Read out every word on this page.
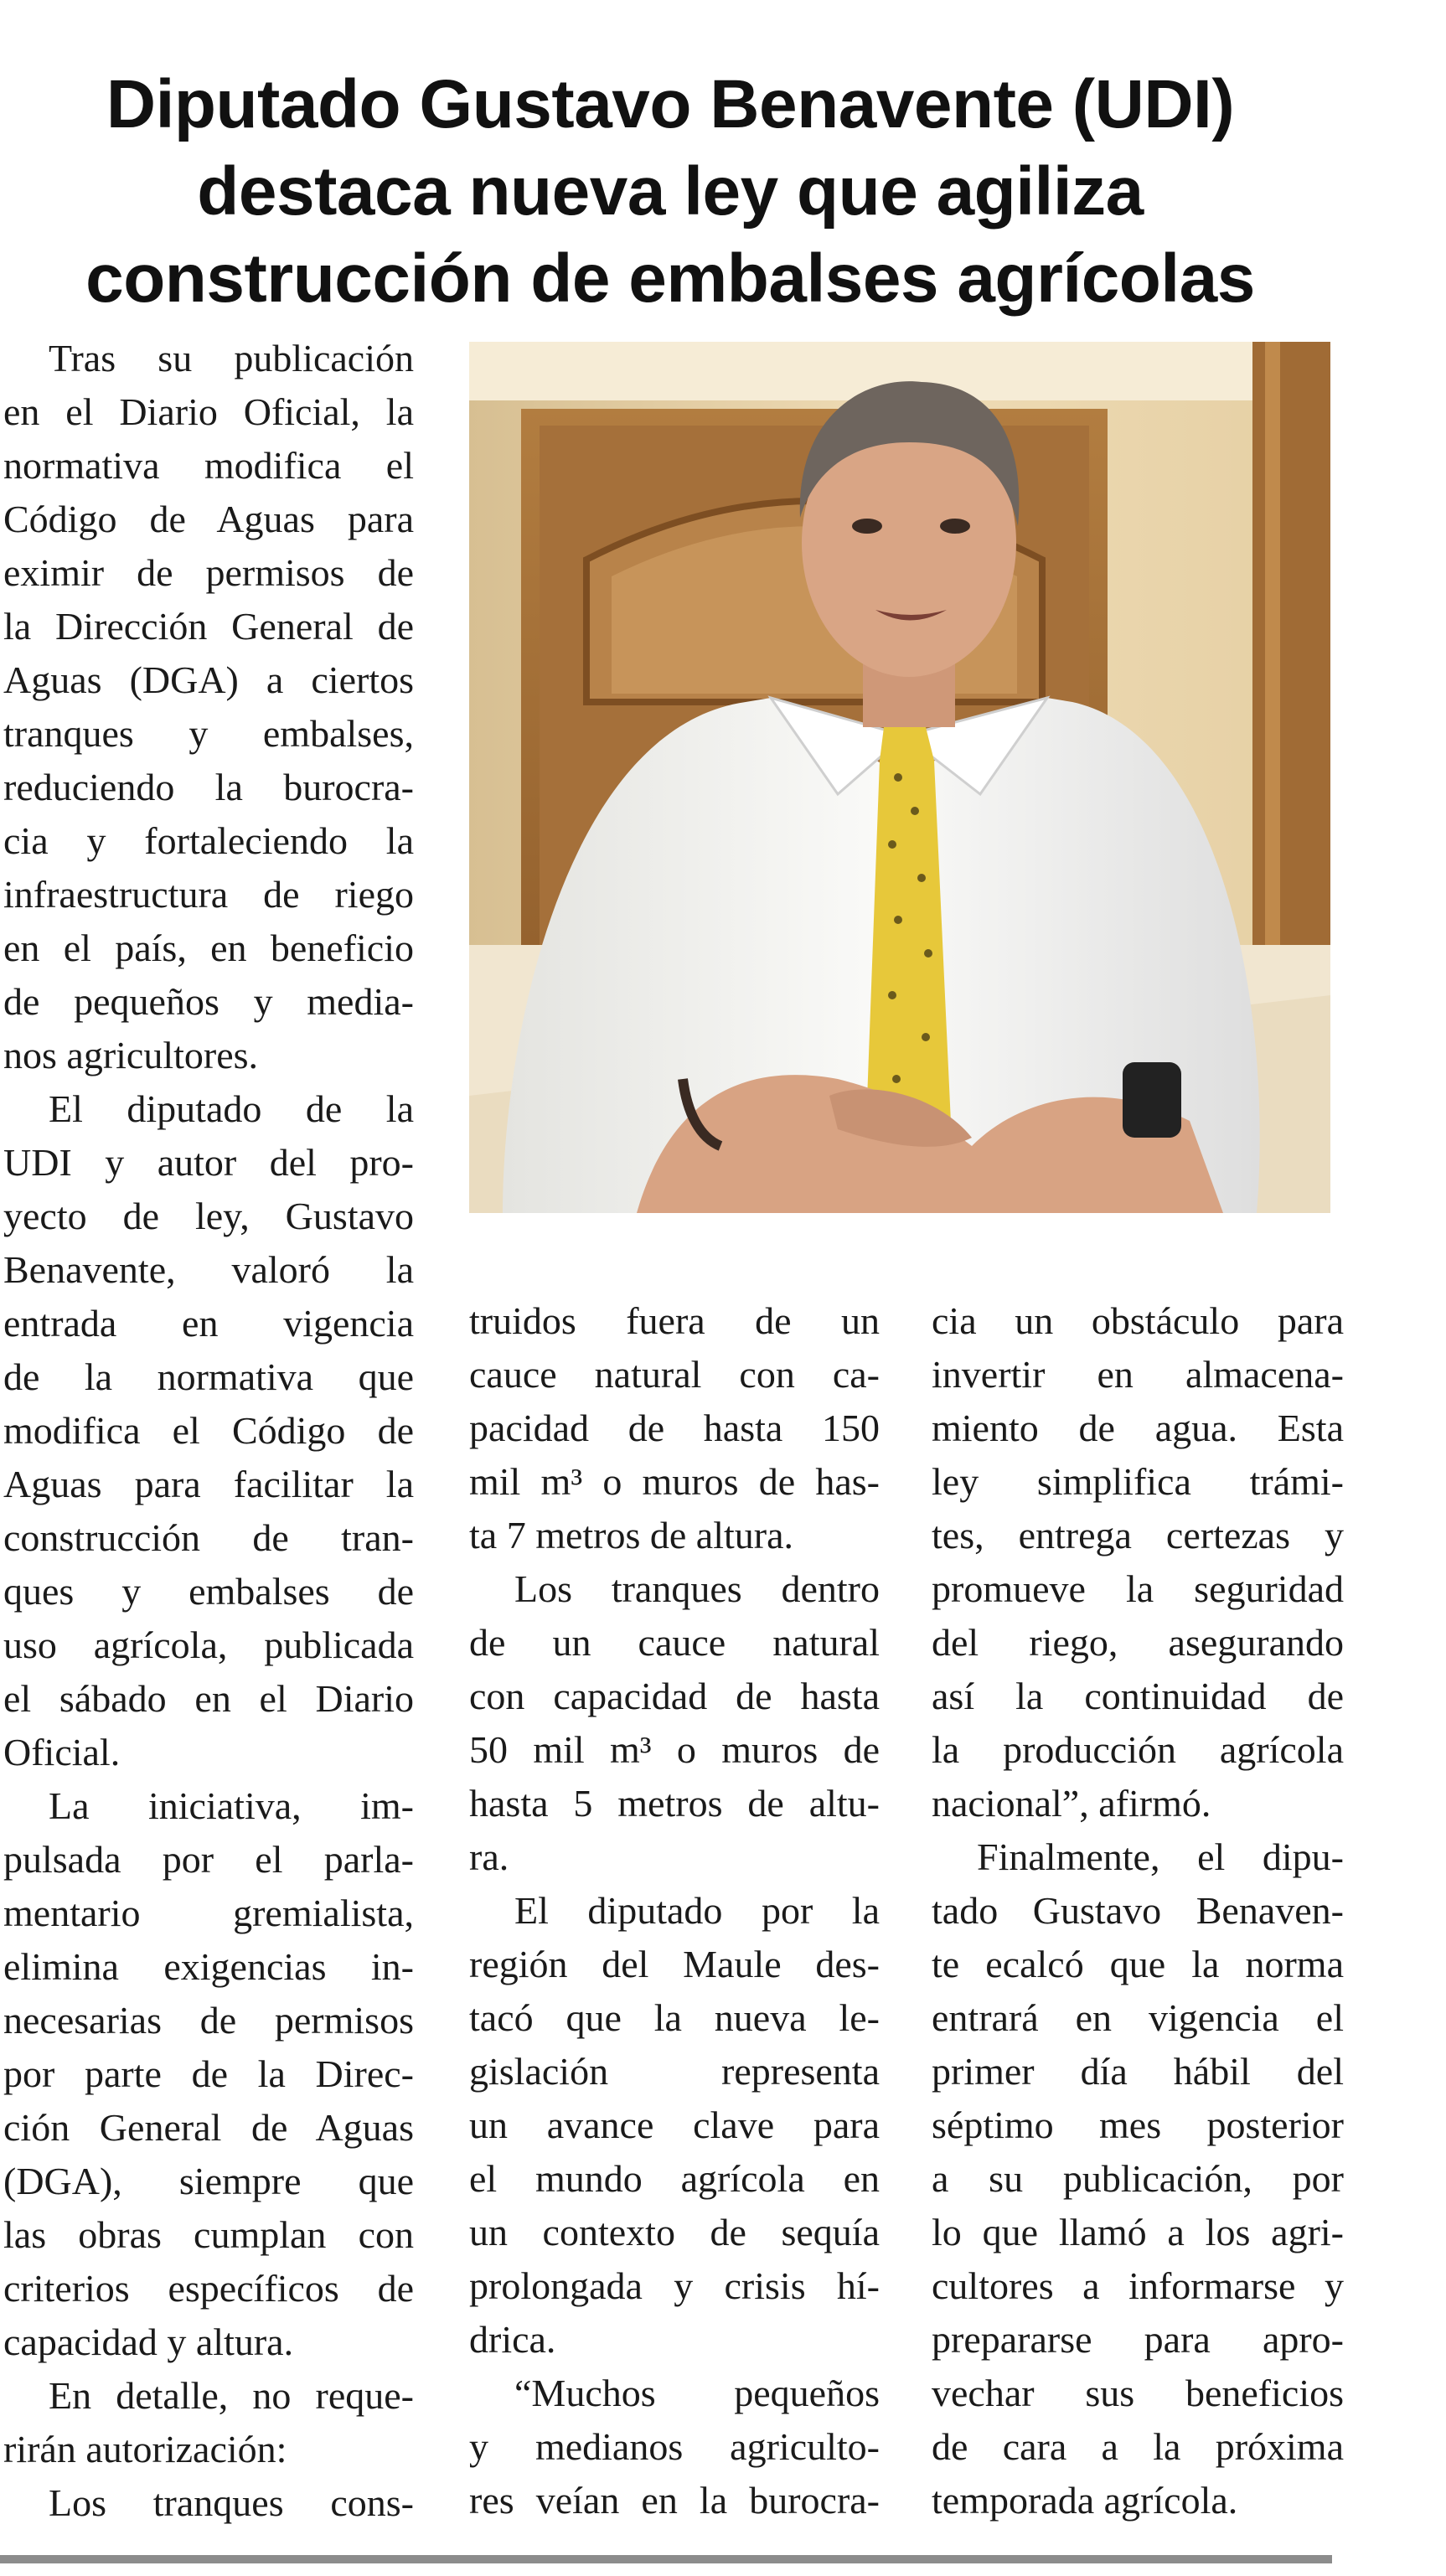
Diputado Gustavo Benavente (UDI)
destaca nueva ley que agiliza
construcción de embalses agrícolas
Tras su publicación
en el Diario Oficial, la
normativa modifica el
Código de Aguas para
eximir de permisos de
la Dirección General de
Aguas (DGA) a ciertos
tranques y embalses,
reduciendo la burocra-
cia y fortaleciendo la
infraestructura de riego
en el país, en beneficio
de pequeños y media-
nos agricultores.
El diputado de la
UDI y autor del pro-
yecto de ley, Gustavo
Benavente, valoró la
entrada en vigencia
de la normativa que
modifica el Código de
Aguas para facilitar la
construcción de tran-
ques y embalses de
uso agrícola, publicada
el sábado en el Diario
Oficial.
La iniciativa, im-
pulsada por el parla-
mentario gremialista,
elimina exigencias in-
necesarias de permisos
por parte de la Direc-
ción General de Aguas
(DGA), siempre que
las obras cumplan con
criterios específicos de
capacidad y altura.
En detalle, no reque-
rirán autorización:
Los tranques cons-
truidos fuera de un
cauce natural con ca-
pacidad de hasta 150
mil m³ o muros de has-
ta 7 metros de altura.
Los tranques dentro
de un cauce natural
con capacidad de hasta
50 mil m³ o muros de
hasta 5 metros de altu-
ra.
El diputado por la
región del Maule des-
tacó que la nueva le-
gislación representa
un avance clave para
el mundo agrícola en
un contexto de sequía
prolongada y crisis hí-
drica.
“Muchos pequeños
y medianos agriculto-
res veían en la burocra-
cia un obstáculo para
invertir en almacena-
miento de agua. Esta
ley simplifica trámi-
tes, entrega certezas y
promueve la seguridad
del riego, asegurando
así la continuidad de
la producción agrícola
nacional”, afirmó.
Finalmente, el dipu-
tado Gustavo Benaven-
te ecalcó que la norma
entrará en vigencia el
primer día hábil del
séptimo mes posterior
a su publicación, por
lo que llamó a los agri-
cultores a informarse y
prepararse para apro-
vechar sus beneficios
de cara a la próxima
temporada agrícola.
